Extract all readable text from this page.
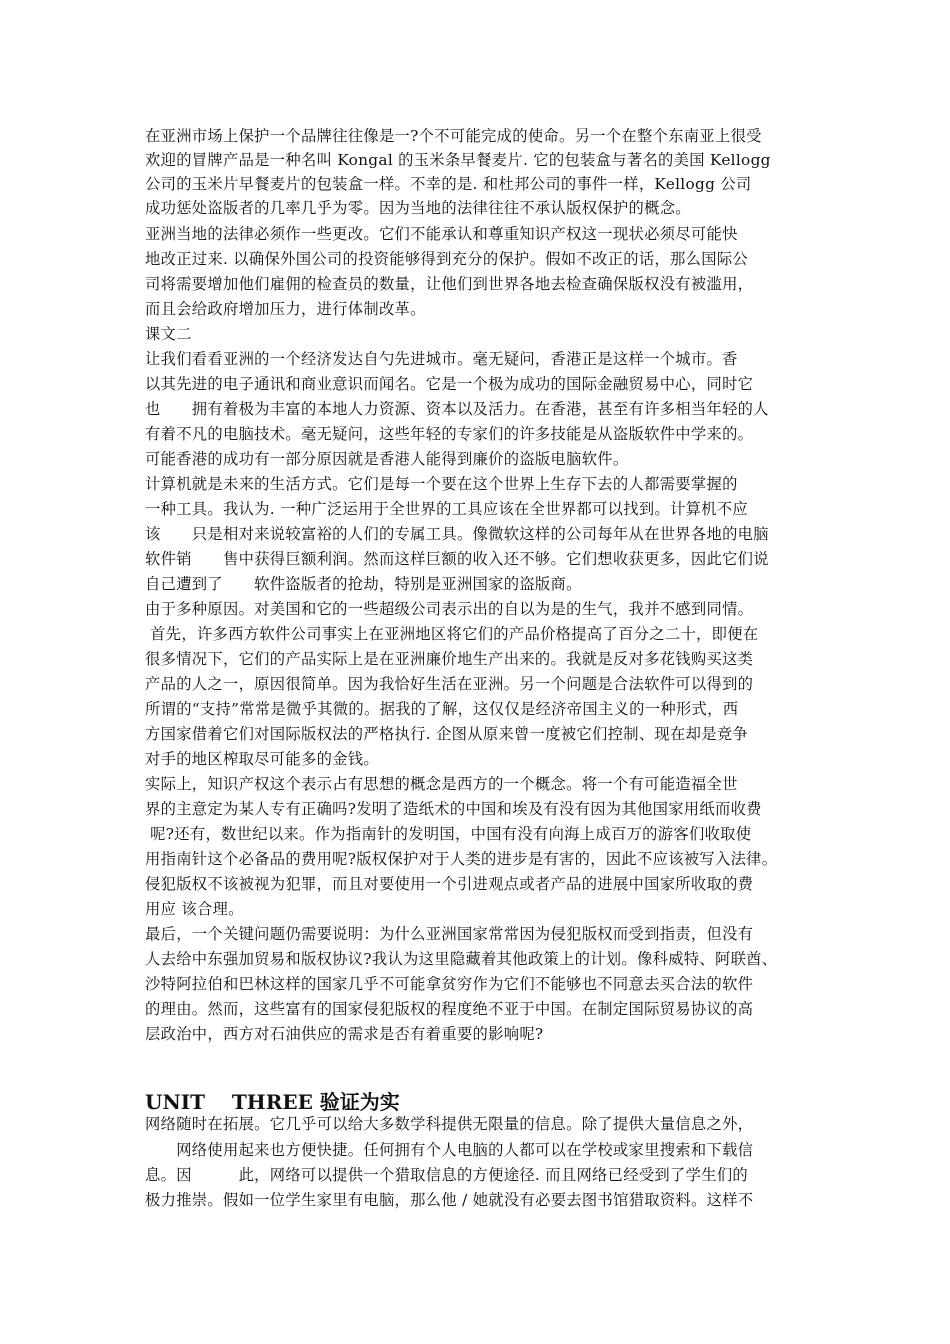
在亚洲市场上保护一个品牌往往像是一?个不可能完成的使命。另一个在整个东南亚上很受
欢迎的冒牌产品是一种名叫 Kongal 的玉米条早餐麦片. 它的包装盒与著名的美国 Kellogg
公司的玉米片早餐麦片的包装盒一样。不幸的是. 和杜邦公司的事件一样，Kellogg 公司
成功惩处盗版者的几率几乎为零。因为当地的法律往往不承认版权保护的概念。
亚洲当地的法律必须作一些更改。它们不能承认和尊重知识产权这一现状必须尽可能快
地改正过来. 以确保外国公司的投资能够得到充分的保护。假如不改正的话，那么国际公
司将需要增加他们雇佣的检查员的数量，让他们到世界各地去检查确保版权没有被滥用，
而且会给政府增加压力，进行体制改革。
课文二
让我们看看亚洲的一个经济发达自勺先进城市。毫无疑问，香港正是这样一个城市。香
以其先进的电子通讯和商业意识而闻名。它是一个极为成功的国际金融贸易中心，同时它
也　　拥有着极为丰富的本地人力资源、资本以及活力。在香港，甚至有许多相当年轻的人
有着不凡的电脑技术。毫无疑问，这些年轻的专家们的许多技能是从盗版软件中学来的。
可能香港的成功有一部分原因就是香港人能得到廉价的盗版电脑软件。
计算机就是未来的生活方式。它们是每一个要在这个世界上生存下去的人都需要掌握的
一种工具。我认为. 一种广泛运用于全世界的工具应该在全世界都可以找到。计算机不应
该　　只是相对来说较富裕的人们的专属工具。像微软这样的公司每年从在世界各地的电脑
软件销　　售中获得巨额利润。然而这样巨额的收入还不够。它们想收获更多，因此它们说
自己遭到了　　软件盗版者的抢劫，特别是亚洲国家的盗版商。
由于多种原因。对美国和它的一些超级公司表示出的自以为是的生气，我并不感到同情。
首先，许多西方软件公司事实上在亚洲地区将它们的产品价格提高了百分之二十，即便在
很多情况下，它们的产品实际上是在亚洲廉价地生产出来的。我就是反对多花钱购买这类
产品的人之一，原因很简单。因为我恰好生活在亚洲。另一个问题是合法软件可以得到的
所谓的“支持”常常是微乎其微的。据我的了解，这仅仅是经济帝国主义的一种形式，西
方国家借着它们对国际版权法的严格执行. 企图从原来曾一度被它们控制、现在却是竞争
对手的地区榨取尽可能多的金钱。
实际上，知识产权这个表示占有思想的概念是西方的一个概念。将一个有可能造福全世
界的主意定为某人专有正确吗?发明了造纸术的中国和埃及有没有因为其他国家用纸而收费
呢?还有，数世纪以来。作为指南针的发明国，中国有没有向海上成百万的游客们收取使
用指南针这个必备品的费用呢?版权保护对于人类的进步是有害的，因此不应该被写入法律。
侵犯版权不该被视为犯罪，而且对要使用一个引进观点或者产品的进展中国家所收取的费
用应 该合理。
最后，一个关键问题仍需要说明：为什么亚洲国家常常因为侵犯版权而受到指责，但没有
人去给中东强加贸易和版权协议?我认为这里隐藏着其他政策上的计划。像科威特、阿联酋、
沙特阿拉伯和巴林这样的国家几乎不可能拿贫穷作为它们不能够也不同意去买合法的软件
的理由。然而，这些富有的国家侵犯版权的程度绝不亚于中国。在制定国际贸易协议的高
层政治中，西方对石油供应的需求是否有着重要的影响呢?
UNIT　 THREE 验证为实
网络随时在拓展。它几乎可以给大多数学科提供无限量的信息。除了提供大量信息之外，
　　网络使用起来也方便快捷。任何拥有个人电脑的人都可以在学校或家里搜索和下载信
息。因　　　此，网络可以提供一个猎取信息的方便途径. 而且网络已经受到了学生们的
极力推崇。假如一位学生家里有电脑，那么他 / 她就没有必要去图书馆猎取资料。这样不
